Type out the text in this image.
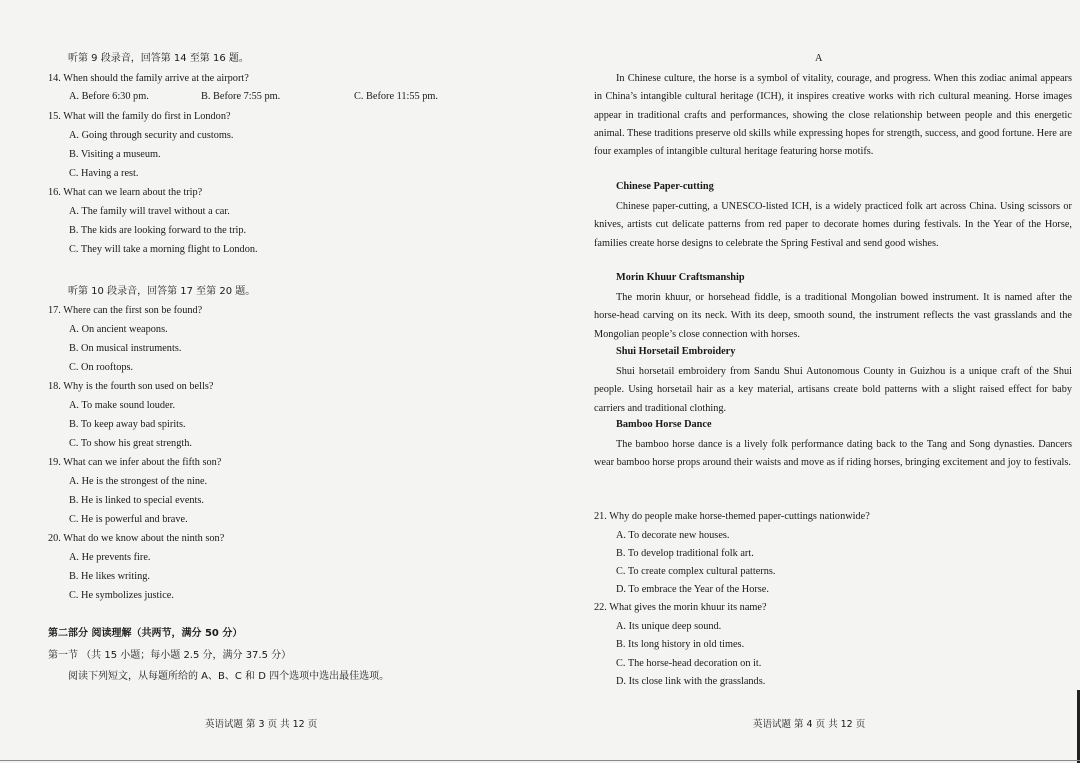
听第 9 段录音，回答第 14 至第 16 题。
14. When should the family arrive at the airport?
A. Before 6:30 pm.	B. Before 7:55 pm.	C. Before 11:55 pm.
15. What will the family do first in London?
A. Going through security and customs.
B. Visiting a museum.
C. Having a rest.
16. What can we learn about the trip?
A. The family will travel without a car.
B. The kids are looking forward to the trip.
C. They will take a morning flight to London.
听第 10 段录音，回答第 17 至第 20 题。
17. Where can the first son be found?
A. On ancient weapons.
B. On musical instruments.
C. On rooftops.
18. Why is the fourth son used on bells?
A. To make sound louder.
B. To keep away bad spirits.
C. To show his great strength.
19. What can we infer about the fifth son?
A. He is the strongest of the nine.
B. He is linked to special events.
C. He is powerful and brave.
20. What do we know about the ninth son?
A. He prevents fire.
B. He likes writing.
C. He symbolizes justice.
第二部分 阅读理解（共两节，满分 50 分）
第一节 （共 15 小题；每小题 2.5 分，满分 37.5 分）
阅读下列短文，从每题所给的 A、B、C 和 D 四个选项中选出最佳选项。
英语试题 第 3 页 共 12 页
A

In Chinese culture, the horse is a symbol of vitality, courage, and progress. When this zodiac animal appears in China’s intangible cultural heritage (ICH), it inspires creative works with rich cultural meaning. Horse images appear in traditional crafts and performances, showing the close relationship between people and this energetic animal. These traditions preserve old skills while expressing hopes for strength, success, and good fortune. Here are four examples of intangible cultural heritage featuring horse motifs.

Chinese Paper-cutting

Chinese paper-cutting, a UNESCO-listed ICH, is a widely practiced folk art across China. Using scissors or knives, artists cut delicate patterns from red paper to decorate homes during festivals. In the Year of the Horse, families create horse designs to celebrate the Spring Festival and send good wishes.

Morin Khuur Craftsmanship

The morin khuur, or horsehead fiddle, is a traditional Mongolian bowed instrument. It is named after the horse-head carving on its neck. With its deep, smooth sound, the instrument reflects the vast grasslands and the Mongolian people’s close connection with horses.

Shui Horsetail Embroidery

Shui horsetail embroidery from Sandu Shui Autonomous County in Guizhou is a unique craft of the Shui people. Using horsetail hair as a key material, artisans create bold patterns with a slight raised effect for baby carriers and traditional clothing.

Bamboo Horse Dance

The bamboo horse dance is a lively folk performance dating back to the Tang and Song dynasties. Dancers wear bamboo horse props around their waists and move as if riding horses, bringing excitement and joy to festivals.

21. Why do people make horse-themed paper-cuttings nationwide?
A. To decorate new houses.
B. To develop traditional folk art.
C. To create complex cultural patterns.
D. To embrace the Year of the Horse.
22. What gives the morin khuur its name?
A. Its unique deep sound.
B. Its long history in old times.
C. The horse-head decoration on it.
D. Its close link with the grasslands.
英语试题 第 4 页 共 12 页
